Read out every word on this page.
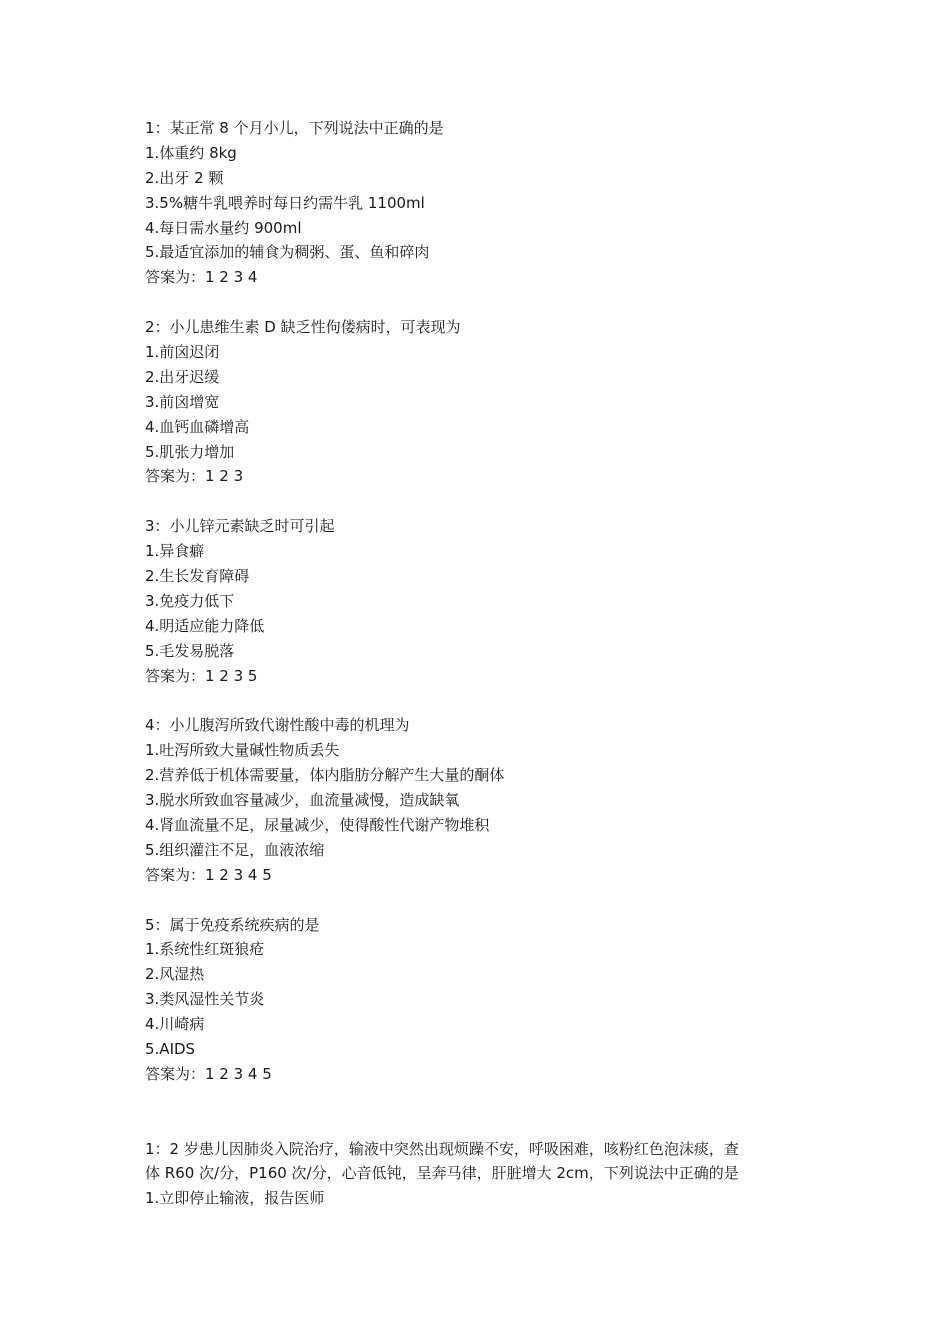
1：某正常 8 个月小儿，下列说法中正确的是
1.体重约 8kg
2.出牙 2 颗
3.5%糖牛乳喂养时每日约需牛乳 1100ml
4.每日需水量约 900ml
5.最适宜添加的辅食为稠粥、蛋、鱼和碎肉
答案为：1 2 3 4
2：小儿患维生素 D 缺乏性佝偻病时，可表现为
1.前囟迟闭
2.出牙迟缓
3.前囟增宽
4.血钙血磷增高
5.肌张力增加
答案为：1 2 3
3：小儿锌元素缺乏时可引起
1.异食癖
2.生长发育障碍
3.免疫力低下
4.明适应能力降低
5.毛发易脱落
答案为：1 2 3 5
4：小儿腹泻所致代谢性酸中毒的机理为
1.吐泻所致大量碱性物质丢失
2.营养低于机体需要量，体内脂肪分解产生大量的酮体
3.脱水所致血容量减少，血流量减慢，造成缺氧
4.肾血流量不足，尿量减少，使得酸性代谢产物堆积
5.组织灌注不足，血液浓缩
答案为：1 2 3 4 5
5：属于免疫系统疾病的是
1.系统性红斑狼疮
2.风湿热
3.类风湿性关节炎
4.川崎病
5.AIDS
答案为：1 2 3 4 5
1：2 岁患儿因肺炎入院治疗，输液中突然出现烦躁不安，呼吸困难，咳粉红色泡沫痰，查
体 R60 次/分，P160 次/分，心音低钝，呈奔马律，肝脏增大 2cm，下列说法中正确的是
1.立即停止输液，报告医师
